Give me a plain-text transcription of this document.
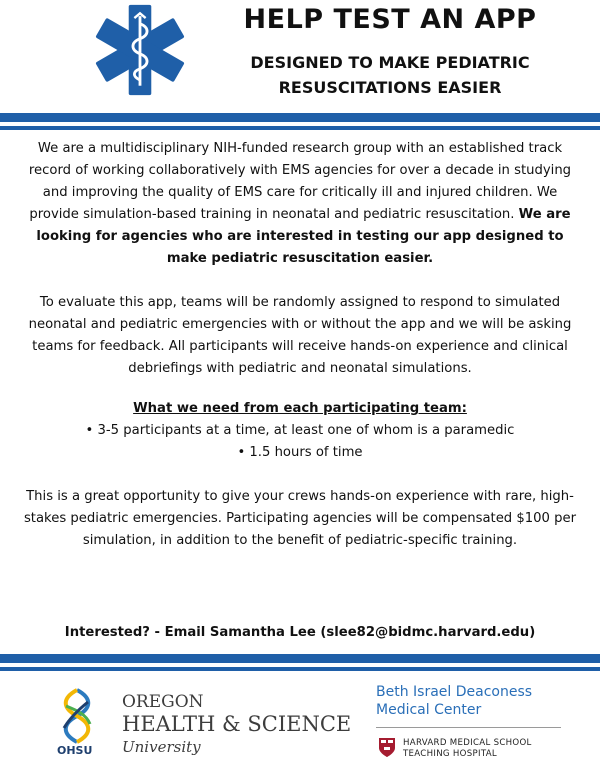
HELP TEST AN APP
DESIGNED TO MAKE PEDIATRIC
RESUSCITATIONS EASIER

We are a multidisciplinary NIH-funded research group with an established track record of working collaboratively with EMS agencies for over a decade in studying and improving the quality of EMS care for critically ill and injured children. We provide simulation-based training in neonatal and pediatric resuscitation. We are looking for agencies who are interested in testing our app designed to make pediatric resuscitation easier.

To evaluate this app, teams will be randomly assigned to respond to simulated neonatal and pediatric emergencies with or without the app and we will be asking teams for feedback. All participants will receive hands-on experience and clinical debriefings with pediatric and neonatal simulations.

What we need from each participating team:

• 3-5 participants at a time, at least one of whom is a paramedic

• 1.5 hours of time

This is a great opportunity to give your crews hands-on experience with rare, high-stakes pediatric emergencies. Participating agencies will be compensated $100 per simulation, in addition to the benefit of pediatric-specific training.

Interested? - Email Samantha Lee (slee82@bidmc.harvard.edu)
OHSU
OREGON
HEALTH & SCIENCE
University
Beth Israel Deaconess
Medical Center
HARVARD MEDICAL SCHOOL
TEACHING HOSPITAL
